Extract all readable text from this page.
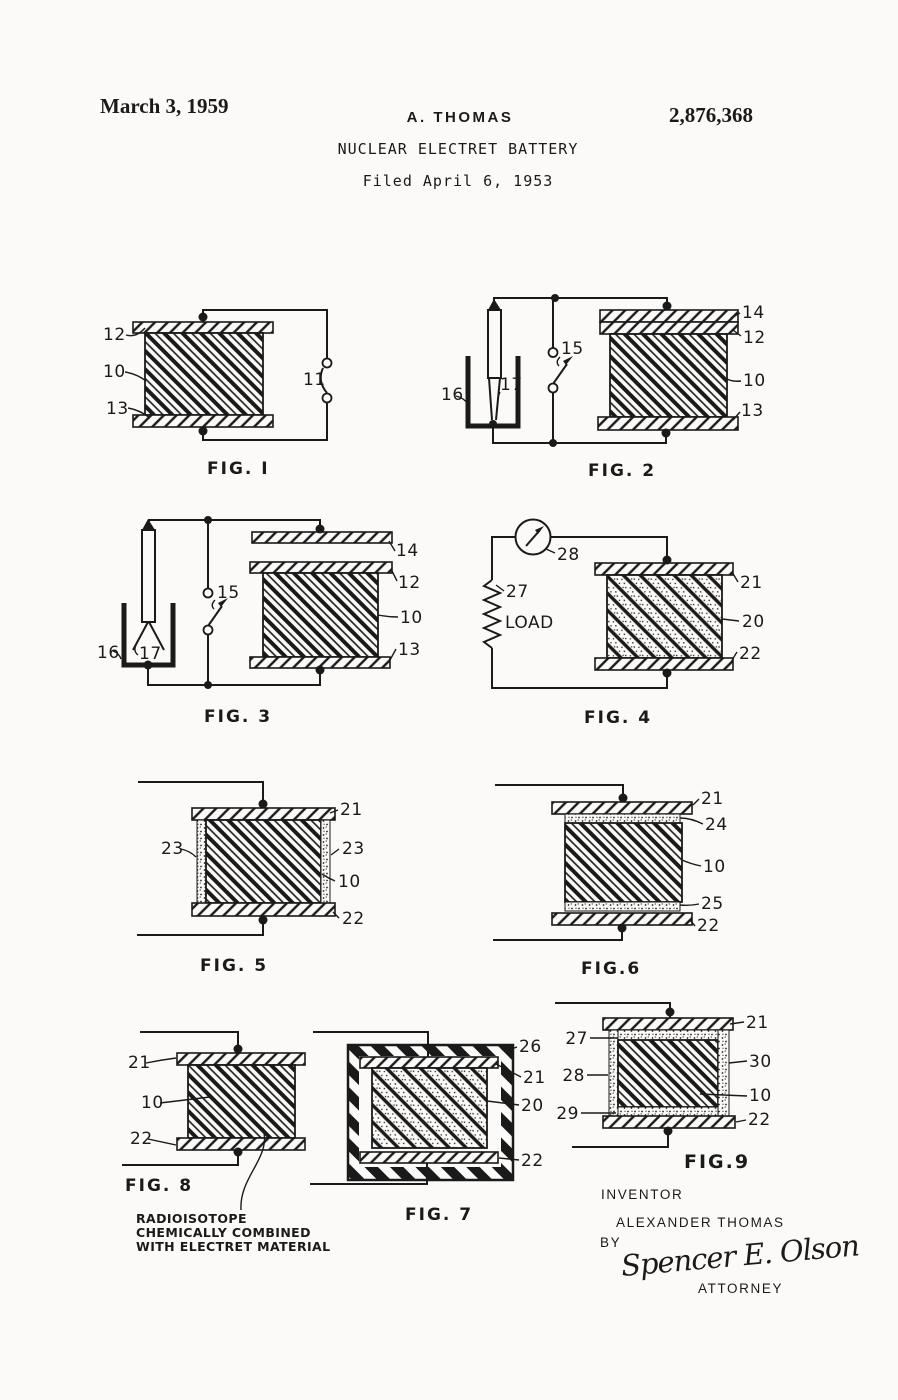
March 3, 1959	A. THOMAS	2,876,368
NUCLEAR ELECTRET BATTERY
Filed April 6, 1953
12
10
13
11
FIG. I
16 17
15
14
12
10
13
FIG. 2
16 17
15
14
12
10
13
FIG. 3
28
27
LOAD
21
20
22
FIG. 4
23
21
23
10
22
FIG. 5
21
24
10
25
22
FIG.6
26
21
20
22
FIG. 7
21
10
22
FIG. 8
RADIOISOTOPE
CHEMICALLY COMBINED
WITH ELECTRET MATERIAL
27
28
29
21
30
10
22
FIG.9
INVENTOR
ALEXANDER THOMAS
BY
Spencer E. Olson
ATTORNEY
